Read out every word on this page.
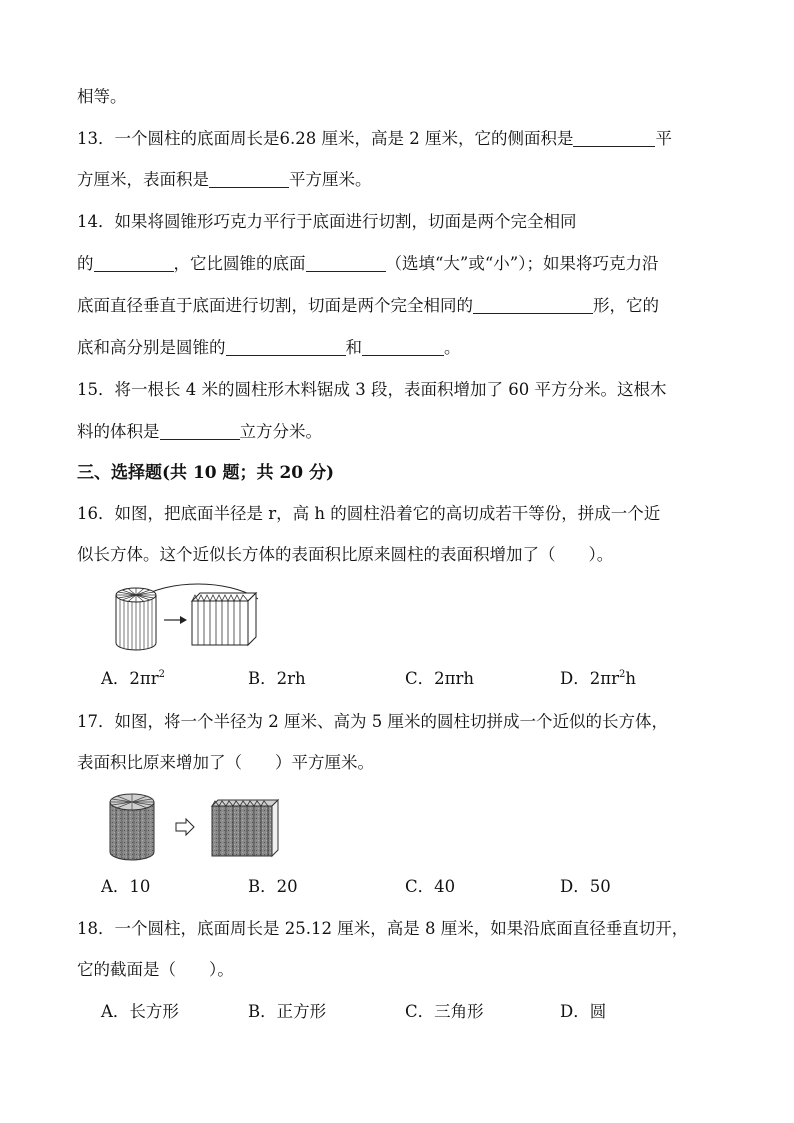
相等。

13．一个圆柱的底面周长是6.28 厘米，高是 2 厘米，它的侧面积是	平

方厘米，表面积是	平方厘米。

14．如果将圆锥形巧克力平行于底面进行切割，切面是两个完全相同

的	，它比圆锥的底面	（选填“大”或“小”）；如果将巧克力沿

底面直径垂直于底面进行切割，切面是两个完全相同的	形，它的

底和高分别是圆锥的	和	。

15．将一根长 4 米的圆柱形木料锯成 3 段，表面积增加了 60 平方分米。这根木

料的体积是	立方分米。

三、选择题(共 10 题；共 20 分)

16．如图，把底面半径是 r，高 h 的圆柱沿着它的高切成若干等份，拼成一个近

似长方体。这个近似长方体的表面积比原来圆柱的表面积增加了（　　）。

A．$2\pi r^2$	B．2rh	C．2πrh	D．$2\pi r^2h$

17．如图，将一个半径为 2 厘米、高为 5 厘米的圆柱切拼成一个近似的长方体，

表面积比原来增加了（　　）平方厘米。

A．10	B．20	C．40	D．50

18．一个圆柱，底面周长是 25.12 厘米，高是 8 厘米，如果沿底面直径垂直切开，

它的截面是（　　）。

A．长方形	B．正方形	C．三角形	D．圆
